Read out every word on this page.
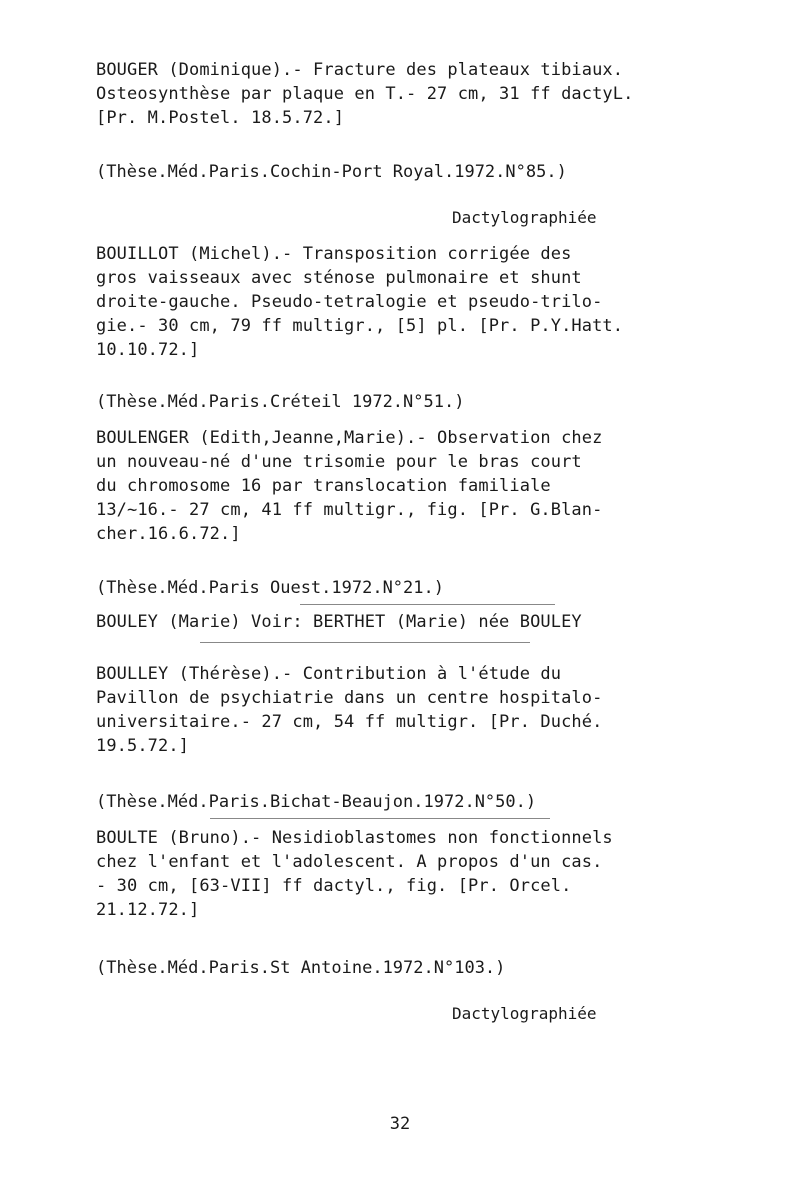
BOUGER (Dominique).- Fracture des plateaux tibiaux.
Osteosynthèse par plaque en T.- 27 cm, 31 ff dactyL.
[Pr. M.Postel. 18.5.72.]
(Thèse.Méd.Paris.Cochin-Port Royal.1972.N°85.)
Dactylographiée
BOUILLOT (Michel).- Transposition corrigée des
gros vaisseaux avec sténose pulmonaire et shunt
droite-gauche. Pseudo-tetralogie et pseudo-trilo-
gie.- 30 cm, 79 ff multigr., [5] pl. [Pr. P.Y.Hatt.
10.10.72.]
(Thèse.Méd.Paris.Créteil 1972.N°51.)
BOULENGER (Edith,Jeanne,Marie).- Observation chez
un nouveau-né d'une trisomie pour le bras court
du chromosome 16 par translocation familiale
13/~16.- 27 cm, 41 ff multigr., fig. [Pr. G.Blan-
cher.16.6.72.]
(Thèse.Méd.Paris Ouest.1972.N°21.)
BOULEY (Marie) Voir: BERTHET (Marie) née BOULEY
BOULLEY (Thérèse).- Contribution à l'étude du
Pavillon de psychiatrie dans un centre hospitalo-
universitaire.- 27 cm, 54 ff multigr. [Pr. Duché.
19.5.72.]
(Thèse.Méd.Paris.Bichat-Beaujon.1972.N°50.)
BOULTE (Bruno).- Nesidioblastomes non fonctionnels
chez l'enfant et l'adolescent. A propos d'un cas.
- 30 cm, [63-VII] ff dactyl., fig. [Pr. Orcel.
21.12.72.]
(Thèse.Méd.Paris.St Antoine.1972.N°103.)
Dactylographiée
32
